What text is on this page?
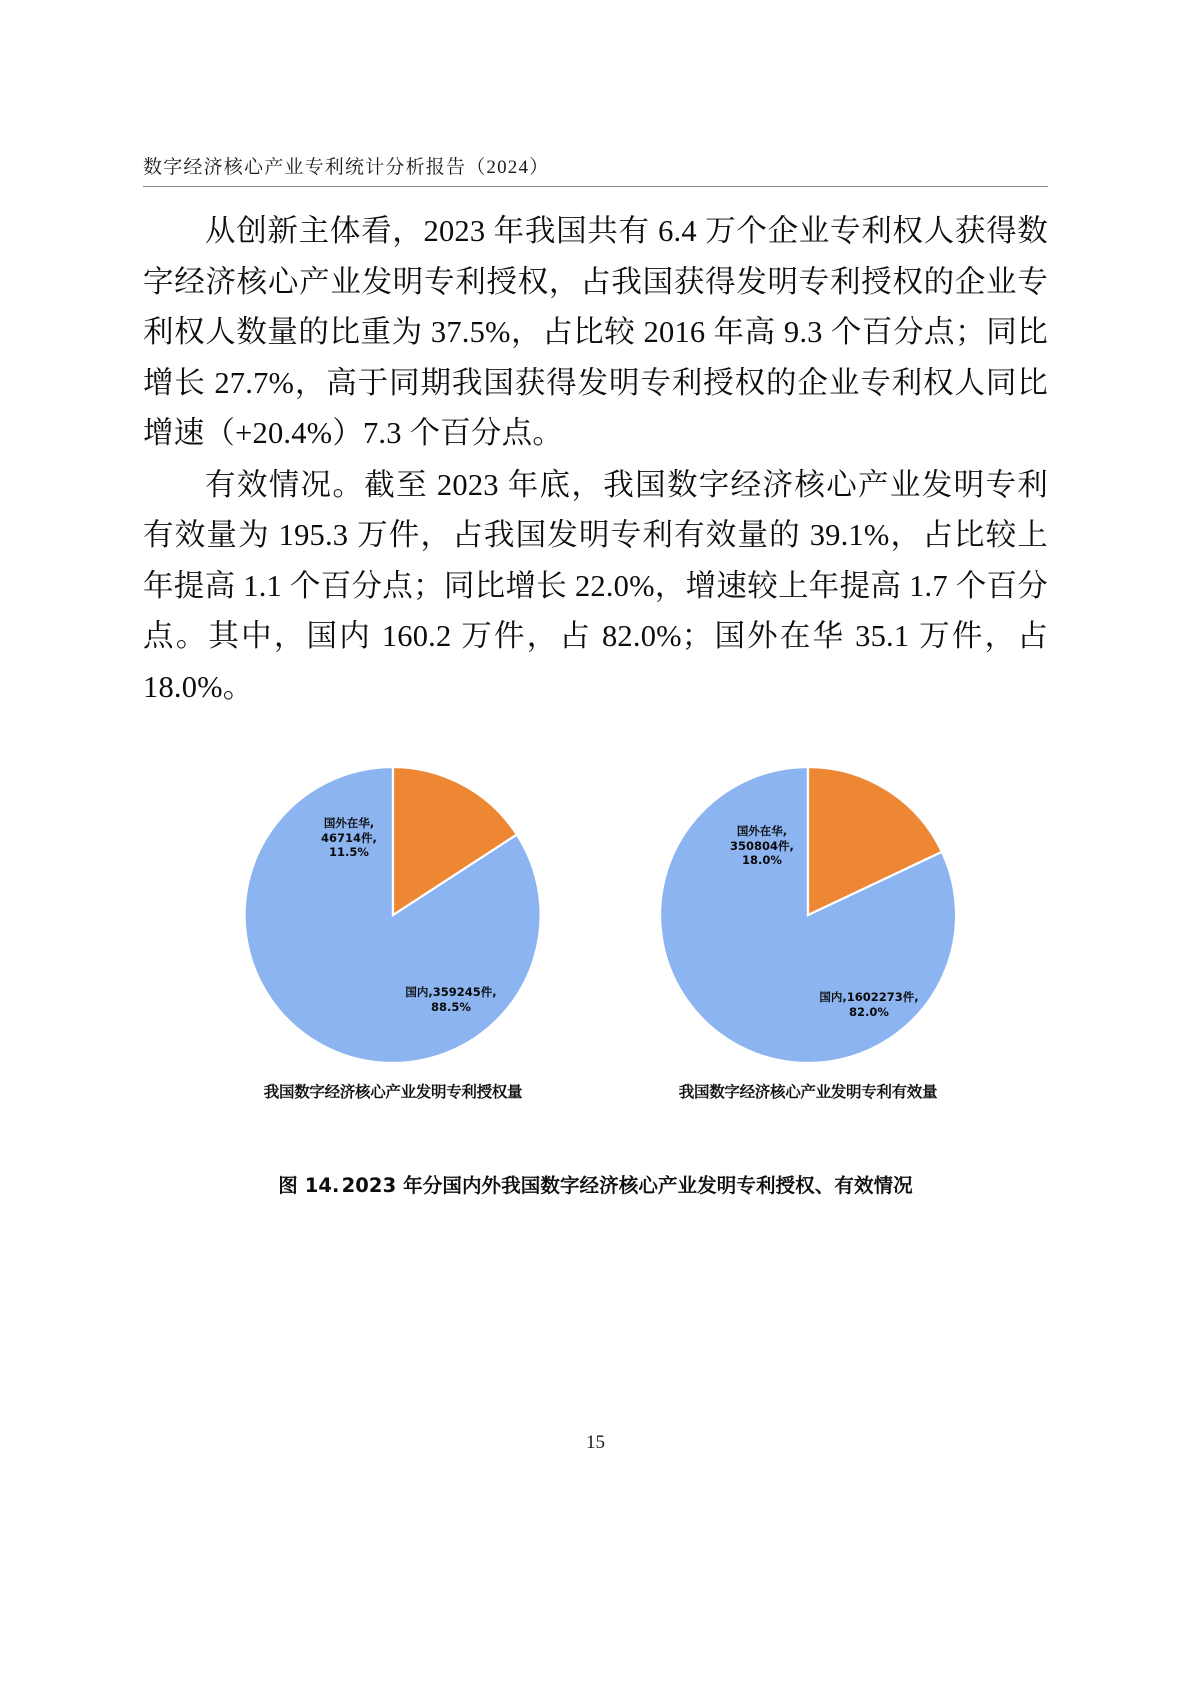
数字经济核心产业专利统计分析报告（2024）

从创新主体看，2023 年我国共有 6.4 万个企业专利权人获得数字经济核心产业发明专利授权，占我国获得发明专利授权的企业专利权人数量的比重为 37.5%，占比较 2016 年高 9.3 个百分点；同比增长 27.7%，高于同期我国获得发明专利授权的企业专利权人同比增速（+20.4%）7.3 个百分点。

有效情况。截至 2023 年底，我国数字经济核心产业发明专利有效量为 195.3 万件，占我国发明专利有效量的 39.1%，占比较上年提高 1.1 个百分点；同比增长 22.0%，增速较上年提高 1.7 个百分点。其中，国内 160.2 万件，占 82.0%；国外在华 35.1 万件，占 18.0%。

国外在华,
46714件,
11.5%
国内,359245件,
88.5%
我国数字经济核心产业发明专利授权量
国外在华,
350804件,
18.0%
国内,1602273件,
82.0%
我国数字经济核心产业发明专利有效量
图 14. 2023 年分国内外我国数字经济核心产业发明专利授权、有效情况
15
